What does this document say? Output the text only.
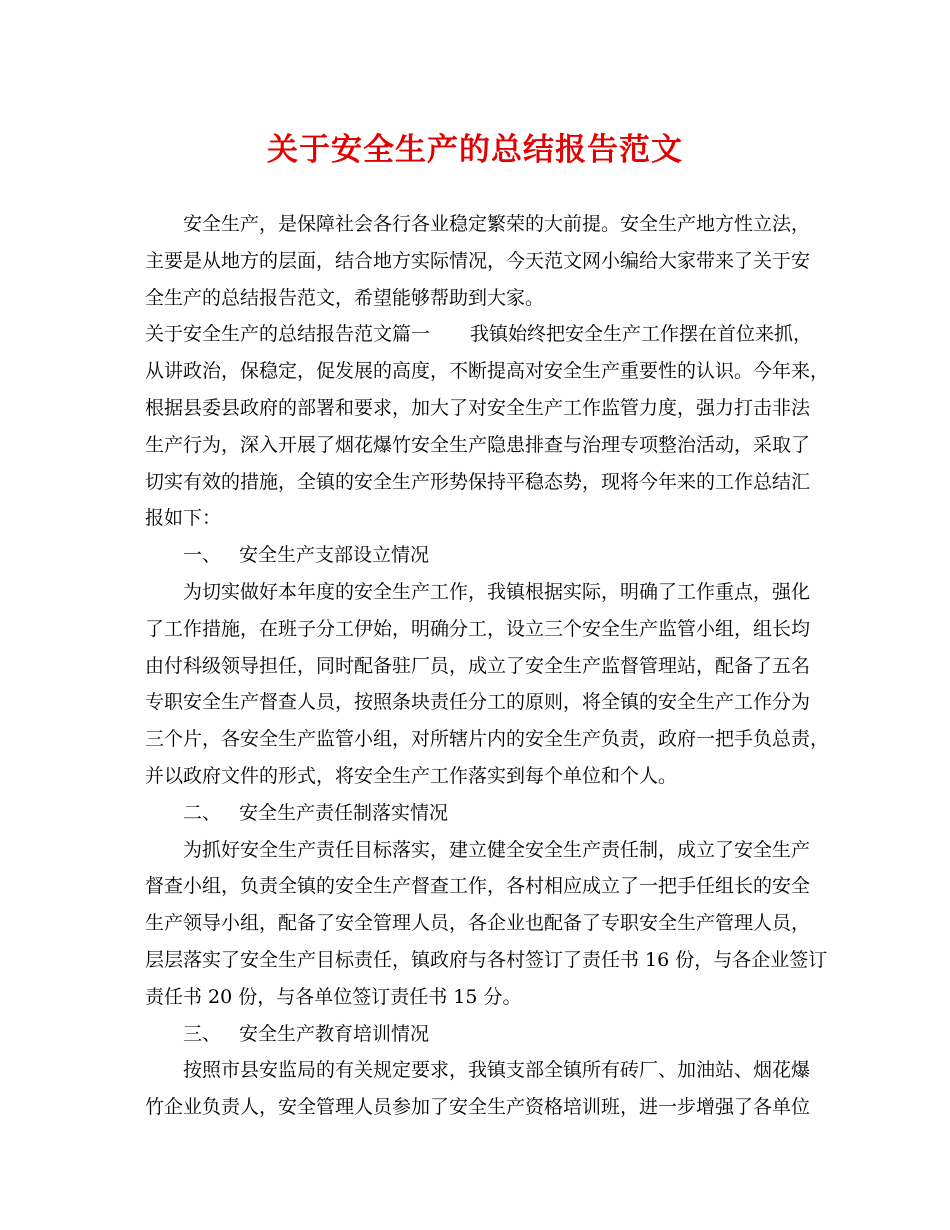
关于安全生产的总结报告范文
安全生产，是保障社会各行各业稳定繁荣的大前提。安全生产地方性立法，
主要是从地方的层面，结合地方实际情况，今天范文网小编给大家带来了关于安
全生产的总结报告范文，希望能够帮助到大家。
关于安全生产的总结报告范文篇一 我镇始终把安全生产工作摆在首位来抓，
从讲政治，保稳定，促发展的高度，不断提高对安全生产重要性的认识。今年来，
根据县委县政府的部署和要求，加大了对安全生产工作监管力度，强力打击非法
生产行为，深入开展了烟花爆竹安全生产隐患排查与治理专项整治活动，采取了
切实有效的措施，全镇的安全生产形势保持平稳态势，现将今年来的工作总结汇
报如下：
一、 安全生产支部设立情况
为切实做好本年度的安全生产工作，我镇根据实际，明确了工作重点，强化
了工作措施，在班子分工伊始，明确分工，设立三个安全生产监管小组，组长均
由付科级领导担任，同时配备驻厂员，成立了安全生产监督管理站，配备了五名
专职安全生产督查人员，按照条块责任分工的原则，将全镇的安全生产工作分为
三个片，各安全生产监管小组，对所辖片内的安全生产负责，政府一把手负总责，
并以政府文件的形式，将安全生产工作落实到每个单位和个人。
二、 安全生产责任制落实情况
为抓好安全生产责任目标落实，建立健全安全生产责任制，成立了安全生产
督查小组，负责全镇的安全生产督查工作，各村相应成立了一把手任组长的安全
生产领导小组，配备了安全管理人员，各企业也配备了专职安全生产管理人员，
层层落实了安全生产目标责任，镇政府与各村签订了责任书 16 份，与各企业签订
责任书 20 份，与各单位签订责任书 15 分。
三、 安全生产教育培训情况
按照市县安监局的有关规定要求，我镇支部全镇所有砖厂、加油站、烟花爆
竹企业负责人，安全管理人员参加了安全生产资格培训班，进一步增强了各单位
